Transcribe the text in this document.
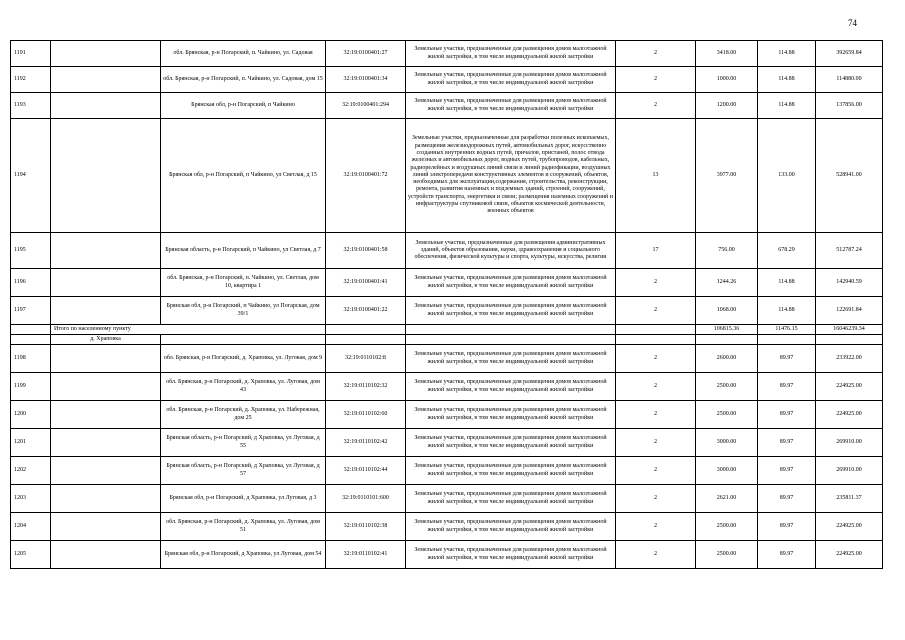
74
1191		обл. Брянская, р-н Погарский, п. Чайкино, ул. Садовая	32:19:0100401:27	Земельные участки, предназначенные для размещения домов малоэтажной жилой застройки, в том числе индивидуальной жилой застройки	2	3418.00	114.88	392659.84
1192		обл. Брянская, р-н Погарский, п. Чайкино, ул. Садовая, дом 15	32:19:0100401:34	Земельные участки, предназначенные для размещения домов малоэтажной жилой застройки, в том числе индивидуальной жилой застройки	2	1000.00	114.88	114880.00
1193		Брянская обл, р-н Погарский, п Чайкино	32:19:0100401:294	Земельные участки, предназначенные для размещения домов малоэтажной жилой застройки, в том числе индивидуальной жилой застройки	2	1200.00	114.88	137856.00
1194		Брянская обл, р-н Погарский, п Чайкино, ул Светлая, д 15	32:19:0100401:72	Земельные участки, предназначенные для разработки полезных ископаемых, размещения железнодорожных путей, автомобильных дорог, искусственно созданных внутренних водных путей, причалов, пристаней, полос отвода железных и автомобильных дорог, водных путей, трубопроводов, кабельных, радиорелейных и воздушных линий связи и линий радиофикации, воздушных линий электропередачи конструктивных элементов и сооружений, объектов, необходимых для эксплуатации,содержания, строительства, реконструкции, ремонта, развития наземных и подземных зданий, строений, сооружений, устройств транспорта, энергетики и связи; размещения наземных сооружений и инфраструктуры спутниковой связи, объектов космической деятельности, военных объектов	13	3977.00	133.00	528941.00
1195		Брянская область, р-н Погарский, п Чайкино, ул Светлая, д 7	32:19:0100401:58	Земельные участки, предназначенные для размещения административных зданий, объектов образования, науки, здравоохранения и социального обеспечения, физической культуры и спорта, культуры, искусства, религии	17	756.00	678.29	512787.24
1196		обл. Брянская, р-н Погарский, п. Чайкино, ул. Светлая, дом 10, квартира 1	32:19:0100401:41	Земельные участки, предназначенные для размещения домов малоэтажной жилой застройки, в том числе индивидуальной жилой застройки	2	1244.26	114.88	142940.59
1197		Брянская обл, р-н Погарский, п Чайкино, ул Погарская, дом 39/1	32:19:0100401:22	Земельные участки, предназначенные для размещения домов малоэтажной жилой застройки, в том числе индивидуальной жилой застройки	2	1068.00	114.88	122691.84
	Итого по населенному пункту					106815.36	11476.15	16046239.34
	д. Храповка							
1198		обл. Брянская, р-н Погарский, д. Храповка, ул. Луговая, дом 9	32:19:0110102:8	Земельные участки, предназначенные для размещения домов малоэтажной жилой застройки, в том числе индивидуальной жилой застройки	2	2600.00	89.97	233922.00
1199		обл. Брянская, р-н Погарский, д. Храповка, ул. Луговая, дом 43	32:19:0110102:32	Земельные участки, предназначенные для размещения домов малоэтажной жилой застройки, в том числе индивидуальной жилой застройки	2	2500.00	89.97	224925.00
1200		обл. Брянская, р-н Погарский, д. Храповка, ул. Набережная, дом 25	32:19:0110102:60	Земельные участки, предназначенные для размещения домов малоэтажной жилой застройки, в том числе индивидуальной жилой застройки	2	2500.00	89.97	224925.00
1201		Брянская область, р-н Погарский, д Храповка, ул Луговая, д 55	32:19:0110102:42	Земельные участки, предназначенные для размещения домов малоэтажной жилой застройки, в том числе индивидуальной жилой застройки	2	3000.00	89.97	269910.00
1202		Брянская область, р-н Погарский, д Храповка, ул Луговая, д 57	32:19:0110102:44	Земельные участки, предназначенные для размещения домов малоэтажной жилой застройки, в том числе индивидуальной жилой застройки	2	3000.00	89.97	269910.00
1203		Брянская обл, р-н Погарский, д Храповка, ул Луговая, д 3	32:19:0110101:600	Земельные участки, предназначенные для размещения домов малоэтажной жилой застройки, в том числе индивидуальной жилой застройки	2	2621.00	89.97	235811.37
1204		обл. Брянская, р-н Погарский, д. Храповка, ул. Луговая, дом 51	32:19:0110102:38	Земельные участки, предназначенные для размещения домов малоэтажной жилой застройки, в том числе индивидуальной жилой застройки	2	2500.00	89.97	224925.00
1205		Брянская обл, р-н Погарский, д Храповка, ул Луговая, дом 54	32:19:0110102:41	Земельные участки, предназначенные для размещения домов малоэтажной жилой застройки, в том числе индивидуальной жилой застройки	2	2500.00	89.97	224925.00
